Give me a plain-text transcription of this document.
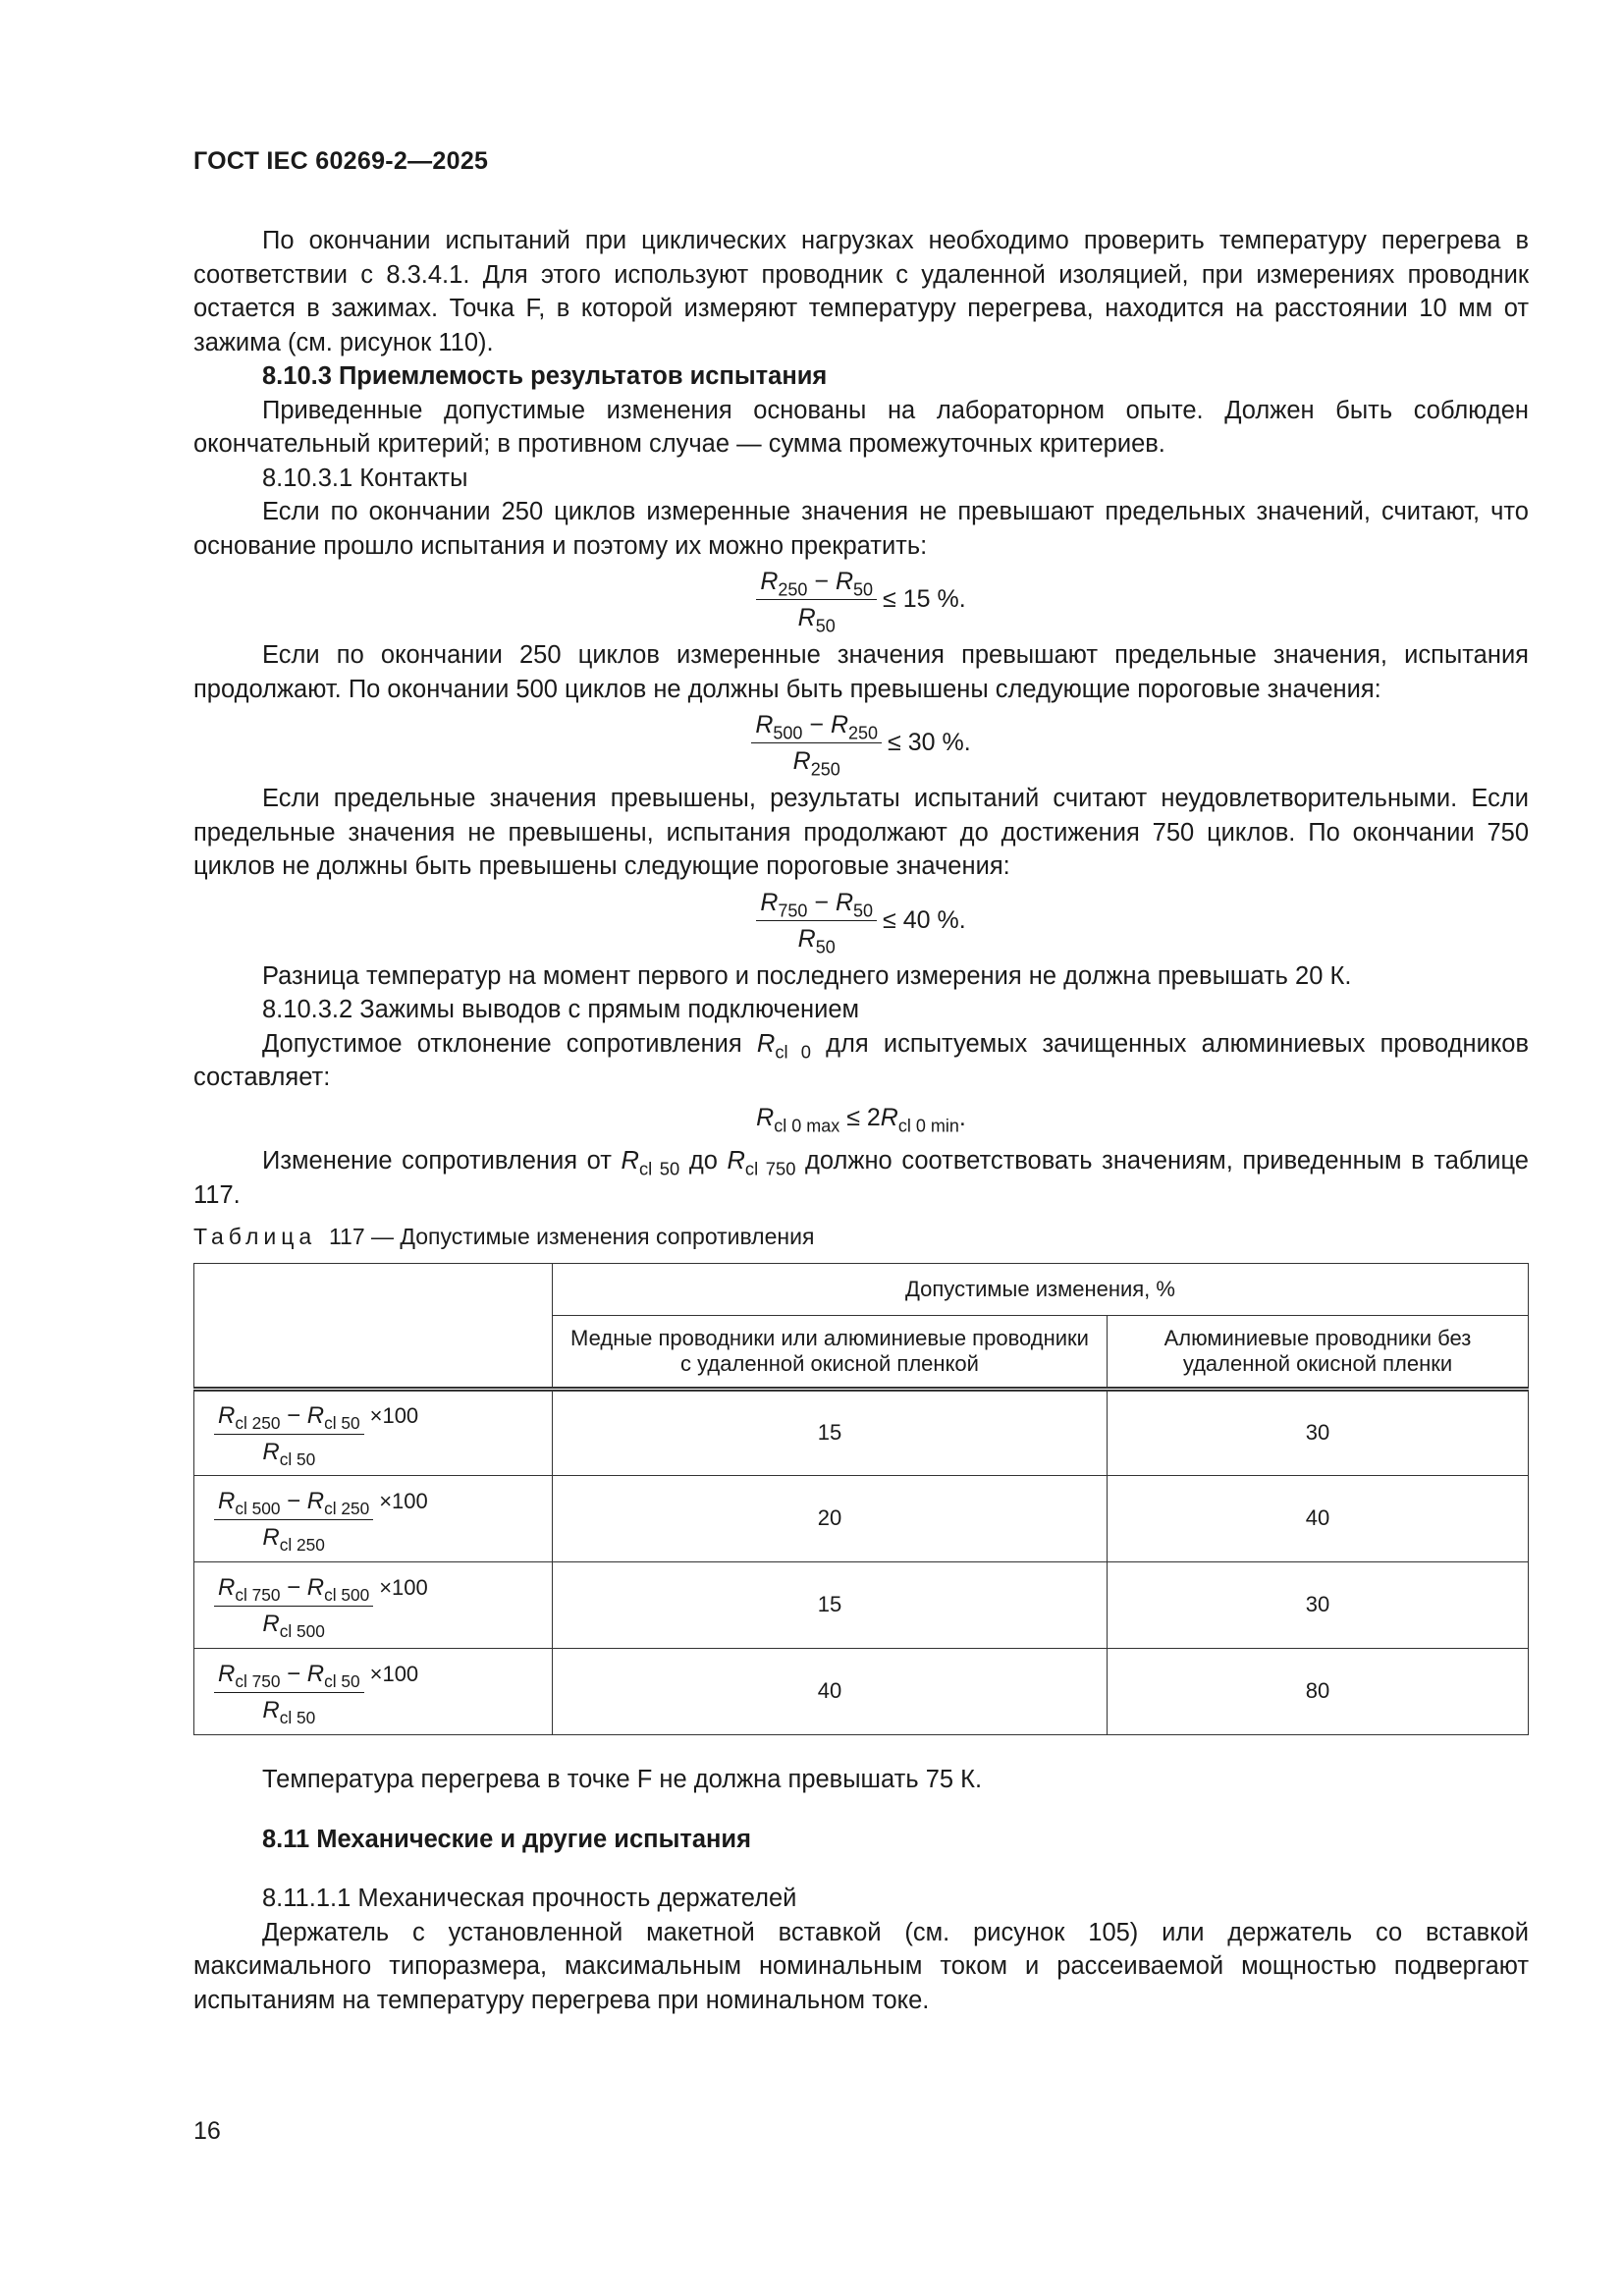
ГОСТ IEC 60269-2—2025

По окончании испытаний при циклических нагрузках необходимо проверить температуру перегрева в соответствии с 8.3.4.1. Для этого используют проводник с удаленной изоляцией, при измерениях проводник остается в зажимах. Точка F, в которой измеряют температуру перегрева, находится на расстоянии 10 мм от зажима (см. рисунок 110).

8.10.3 Приемлемость результатов испытания

Приведенные допустимые изменения основаны на лабораторном опыте. Должен быть соблюден окончательный критерий; в противном случае — сумма промежуточных критериев.

8.10.3.1 Контакты

Если по окончании 250 циклов измеренные значения не превышают предельных значений, считают, что основание прошло испытания и поэтому их можно прекратить:

$\frac{R_{250} - R_{50}}{R_{50}} \le 15$ %.

Если по окончании 250 циклов измеренные значения превышают предельные значения, испытания продолжают. По окончании 500 циклов не должны быть превышены следующие пороговые значения:

$\frac{R_{500} - R_{250}}{R_{250}} \le 30$ %.

Если предельные значения превышены, результаты испытаний считают неудовлетворительными. Если предельные значения не превышены, испытания продолжают до достижения 750 циклов. По окончании 750 циклов не должны быть превышены следующие пороговые значения:

$\frac{R_{750} - R_{50}}{R_{50}} \le 40$ %.

Разница температур на момент первого и последнего измерения не должна превышать 20 К.

8.10.3.2 Зажимы выводов с прямым подключением

Допустимое отклонение сопротивления $R_{cl 0}$ для испытуемых зачищенных алюминиевых проводников составляет:

$R_{cl 0 max} \le 2R_{cl 0 min}$.

Изменение сопротивления от $R_{cl 50}$ до $R_{cl 750}$ должно соответствовать значениям, приведенным в таблице 117.

Таблица 117 — Допустимые изменения сопротивления
	Допустимые изменения, %	
	Медные проводники или алюминиевые проводники с удаленной окисной пленкой	Алюминиевые проводники без удаленной окисной пленки

$\frac{R_{cl 250} - R_{cl 50}}{R_{cl 50}} \times 100$	15	30

$\frac{R_{cl 500} - R_{cl 250}}{R_{cl 250}} \times 100$	20	40

$\frac{R_{cl 750} - R_{cl 500}}{R_{cl 500}} \times 100$	15	30

$\frac{R_{cl 750} - R_{cl 50}}{R_{cl 50}} \times 100$	40	80

Температура перегрева в точке F не должна превышать 75 К.

8.11 Механические и другие испытания

8.11.1.1 Механическая прочность держателей

Держатель с установленной макетной вставкой (см. рисунок 105) или держатель со вставкой максимального типоразмера, максимальным номинальным током и рассеиваемой мощностью подвергают испытаниям на температуру перегрева при номинальном токе.

16
